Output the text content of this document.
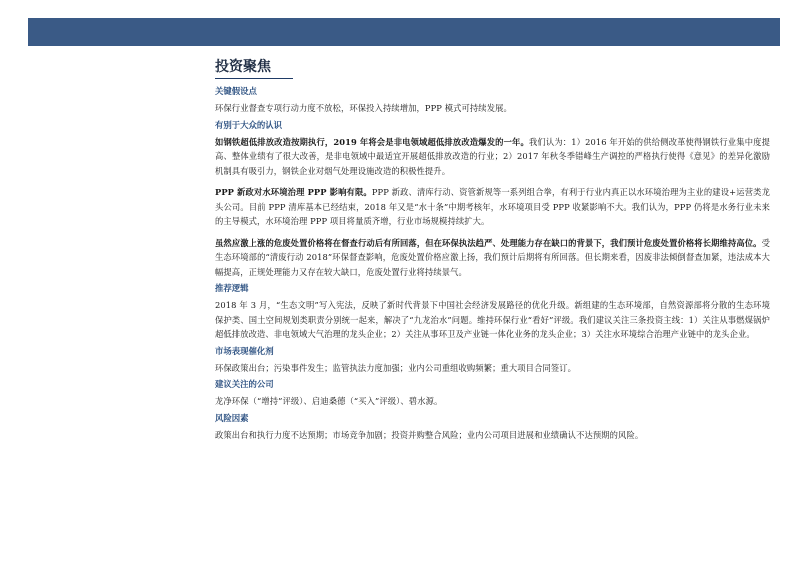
投资聚焦
关键假设点

环保行业督查专项行动力度不放松，环保投入持续增加，PPP 模式可持续发展。

有别于大众的认识

如钢铁超低排放改造按期执行，2019 年将会是非电领域超低排放改造爆发的一年。我们认为：1）2016 年开始的供给侧改革使得钢铁行业集中度提高、整体业绩有了很大改善，是非电领域中最适宜开展超低排放改造的行业；2）2017 年秋冬季错峰生产调控的严格执行使得《意见》的差异化激励机制具有吸引力，钢铁企业对烟气处理设施改造的积极性提升。

PPP 新政对水环境治理 PPP 影响有限。PPP 新政、清库行动、资管新规等一系列组合拳，有利于行业内真正以水环境治理为主业的建设+运营类龙头公司。目前 PPP 清库基本已经结束，2018 年又是“水十条”中期考核年，水环境项目受 PPP 收紧影响不大。我们认为，PPP 仍将是水务行业未来的主导模式，水环境治理 PPP 项目将量质齐增，行业市场规模持续扩大。

虽然应激上涨的危废处置价格将在督查行动后有所回落，但在环保执法趋严、处理能力存在缺口的背景下，我们预计危废处置价格将长期维持高位。受生态环境部的“清废行动 2018”环保督查影响，危废处置价格应激上扬，我们预计后期将有所回落。但长期来看，因废非法倾倒督查加紧，违法成本大幅提高，正规处理能力又存在较大缺口，危废处置行业将持续景气。

推荐逻辑

2018 年 3 月，“生态文明”写入宪法，反映了新时代背景下中国社会经济发展路径的优化升级。新组建的生态环境部，自然资源部将分散的生态环境保护类、国土空间规划类职责分别统一起来，解决了“九龙治水”问题。维持环保行业“看好”评级。我们建议关注三条投资主线：1）关注从事燃煤锅炉超低排放改造、非电领域大气治理的龙头企业；2）关注从事环卫及产业链一体化业务的龙头企业；3）关注水环境综合治理产业链中的龙头企业。

市场表现催化剂

环保政策出台；污染事件发生；监管执法力度加强；业内公司重组收购频繁；重大项目合同签订。

建议关注的公司

龙净环保（“增持”评级）、启迪桑德（“买入”评级）、碧水源。

风险因素

政策出台和执行力度不达预期；市场竞争加剧；投资并购整合风险；业内公司项目进展和业绩确认不达预期的风险。
